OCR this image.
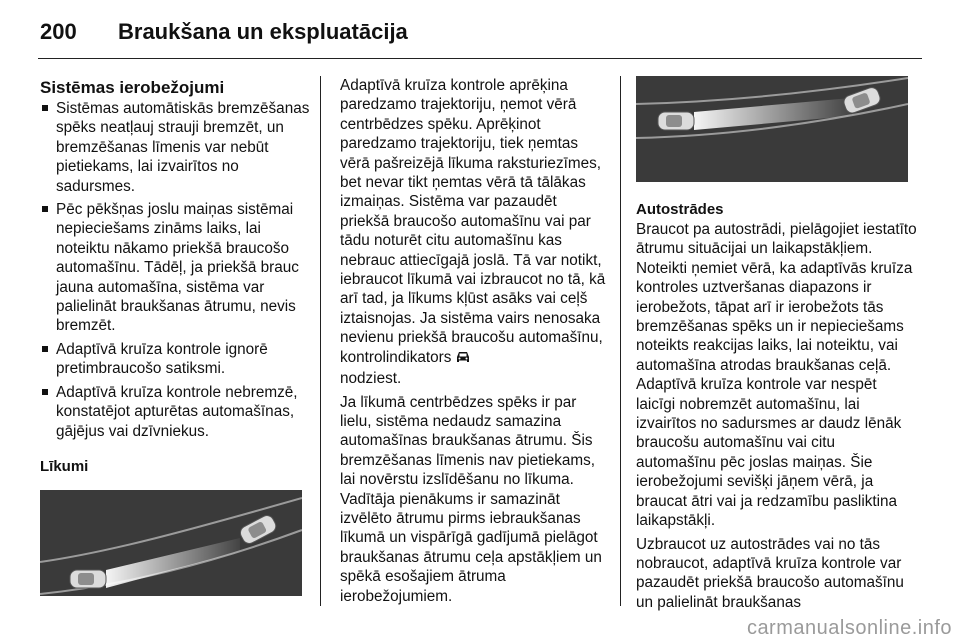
200	Braukšana un ekspluatācija
Sistēmas ierobežojumi
Sistēmas automātiskās bremzēšanas spēks neatļauj strauji bremzēt, un bremzēšanas līmenis var nebūt pietiekams, lai izvairītos no sadursmes.
Pēc pēkšņas joslu maiņas sistēmai nepieciešams zināms laiks, lai noteiktu nākamo priekšā braucošo automašīnu. Tādēļ, ja priekšā brauc jauna automašīna, sistēma var palielināt braukšanas ātrumu, nevis bremzēt.
Adaptīvā kruīza kontrole ignorē pretimbraucošo satiksmi.
Adaptīvā kruīza kontrole nebremzē, konstatējot apturētas automašīnas, gājējus vai dzīvniekus.
Līkumi

Adaptīvā kruīza kontrole aprēķina paredzamo trajektoriju, ņemot vērā centrbēdzes spēku. Aprēķinot paredzamo trajektoriju, tiek ņemtas vērā pašreizējā līkuma raksturiezīmes, bet nevar tikt ņemtas vērā tā tālākas izmaiņas. Sistēma var pazaudēt priekšā braucošo automašīnu vai par tādu noturēt citu automašīnu kas nebrauc attiecīgajā joslā. Tā var notikt, iebraucot līkumā vai izbraucot no tā, kā arī tad, ja līkums kļūst asāks vai ceļš iztaisnojas. Ja sistēma vairs nenosaka nevienu priekšā braucošu automašīnu, kontrolindikators
nodziest.

Ja līkumā centrbēdzes spēks ir par lielu, sistēma nedaudz samazina automašīnas braukšanas ātrumu. Šis bremzēšanas līmenis nav pietiekams, lai novērstu izslīdēšanu no līkuma. Vadītāja pienākums ir samazināt izvēlēto ātrumu pirms iebraukšanas līkumā un vispārīgā gadījumā pielāgot braukšanas ātrumu ceļa apstākļiem un spēkā esošajiem ātruma ierobežojumiem.

Autostrādes

Braucot pa autostrādi, pielāgojiet iestatīto ātrumu situācijai un laikapstākļiem. Noteikti ņemiet vērā, ka adaptīvās kruīza kontroles uztveršanas diapazons ir ierobežots, tāpat arī ir ierobežots tās bremzēšanas spēks un ir nepieciešams noteikts reakcijas laiks, lai noteiktu, vai automašīna atrodas braukšanas ceļā. Adaptīvā kruīza kontrole var nespēt laicīgi nobremzēt automašīnu, lai izvairītos no sadursmes ar daudz lēnāk braucošu automašīnu vai citu automašīnu pēc joslas maiņas. Šie ierobežojumi sevišķi jāņem vērā, ja braucat ātri vai ja redzamību pasliktina laikapstākļi.

Uzbraucot uz autostrādes vai no tās nobraucot, adaptīvā kruīza kontrole var pazaudēt priekšā braucošo automašīnu un palielināt braukšanas

carmanualsonline.info
